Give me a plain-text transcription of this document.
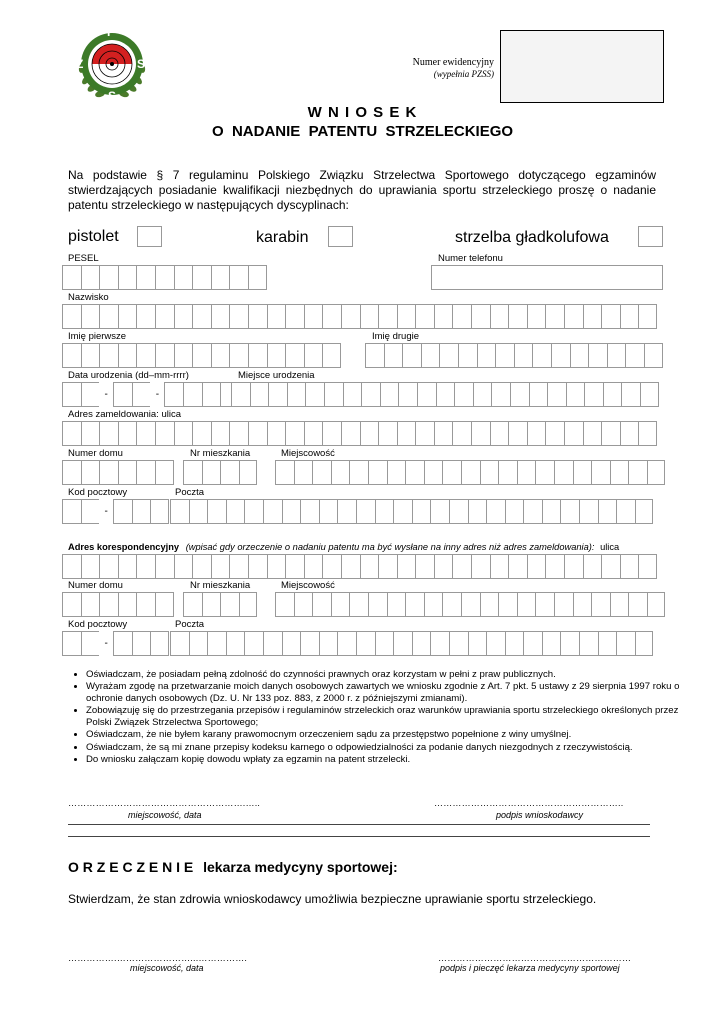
P
Z	S
S
Numer ewidencyjny
(wypełnia PZSS)
W N I O S E K
O  NADANIE  PATENTU  STRZELECKIEGO
Na podstawie § 7 regulaminu Polskiego Związku Strzelectwa Sportowego dotyczącego egzaminów stwierdzających posiadanie kwalifikacji niezbędnych do uprawiania sportu strzeleckiego proszę o nadanie patentu strzeleckiego w następujących dyscyplinach:
pistolet	karabin	strzelba gładkolufowa
PESEL	Numer telefonu
Nazwisko
Imię pierwsze	Imię drugie
Data urodzenia (dd–mm-rrrr)	Miejsce urodzenia
-	-
Adres zameldowania: ulica
Numer domu	Nr mieszkania	Miejscowość
Kod pocztowy	Poczta
-
Adres korespondencyjny (wpisać gdy orzeczenie o nadaniu patentu ma być wysłane na inny adres niż adres zameldowania): ulica
Numer domu	Nr mieszkania	Miejscowość
Kod pocztowy	Poczta
-
• Oświadczam, że posiadam pełną zdolność do czynności prawnych oraz korzystam w pełni z praw publicznych.
• Wyrażam zgodę na przetwarzanie moich danych osobowych zawartych we wniosku zgodnie z Art. 7 pkt. 5 ustawy z 29 sierpnia 1997 roku o ochronie danych osobowych (Dz. U. Nr 133 poz. 883, z 2000 r. z późniejszymi zmianami).
• Zobowiązuję się do przestrzegania przepisów i regulaminów strzeleckich oraz warunków uprawiania sportu strzeleckiego określonych przez Polski Związek Strzelectwa Sportowego;
• Oświadczam, że nie byłem karany prawomocnym orzeczeniem sądu za przestępstwo popełnione z winy umyślnej.
• Oświadczam, że są mi znane przepisy kodeksu karnego o odpowiedzialności za podanie danych niezgodnych z rzeczywistością.
• Do wniosku załączam kopię dowodu wpłaty za egzamin na patent strzelecki.
………………………………………………….…..	……………………………………………………..
miejscowość, data	podpis wnioskodawcy
O R Z E C Z E N I E lekarza medycyny sportowej:
Stwierdzam, że stan zdrowia wnioskodawcy umożliwia bezpieczne uprawianie sportu strzeleckiego.
…………….……………………...…………….	………………………………………………………
miejscowość, data	podpis i pieczęć lekarza medycyny sportowej
